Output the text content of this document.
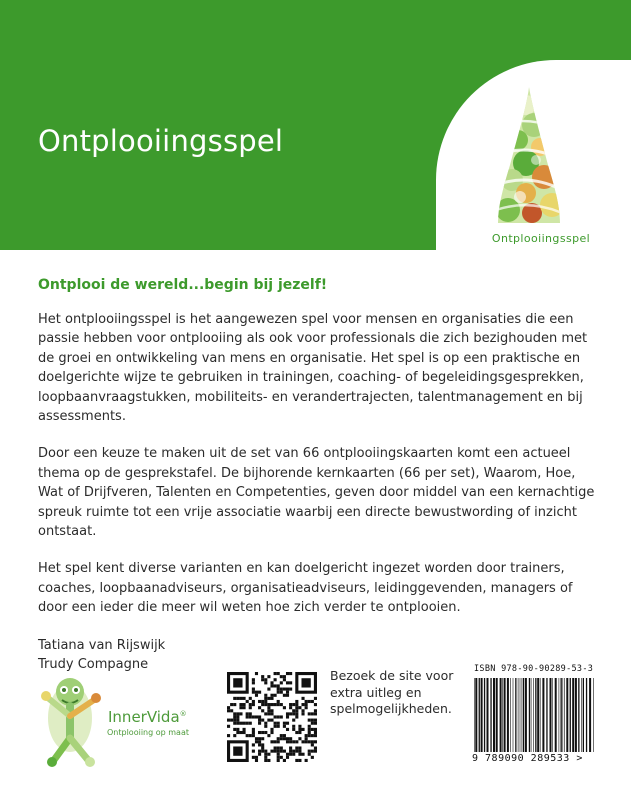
Ontplooiingsspel
Ontplooiingsspel

Ontplooi de wereld...begin bij jezelf!

Het ontplooiingsspel is het aangewezen spel voor mensen en organisaties die een passie hebben voor ontplooiing als ook voor professionals die zich bezighouden met de groei en ontwikkeling van mens en organisatie. Het spel is op een praktische en doelgerichte wijze te gebruiken in trainingen, coaching- of begeleidingsgesprekken, loopbaanvraagstukken, mobiliteits- en verandertrajecten, talentmanagement en bij assessments.

Door een keuze te maken uit de set van 66 ontplooiingskaarten komt een actueel thema op de gesprekstafel. De bijhorende kernkaarten (66 per set), Waarom, Hoe, Wat of Drijfveren, Talenten en Competenties, geven door middel van een kernachtige spreuk ruimte tot een vrije associatie waarbij een directe bewustwording of inzicht ontstaat.

Het spel kent diverse varianten en kan doelgericht ingezet worden door trainers, coaches, loopbaanadviseurs, organisatieadviseurs, leidinggevenden, managers of door een ieder die meer wil weten hoe zich verder te ontplooien.

Tatiana van Rijswijk
Trudy Compagne
InnerVida®
Ontplooiing op maat
Bezoek de site voor extra uitleg en spelmogelijkheden.
ISBN 978-90-90289-53-3
9 789090 289533 >
